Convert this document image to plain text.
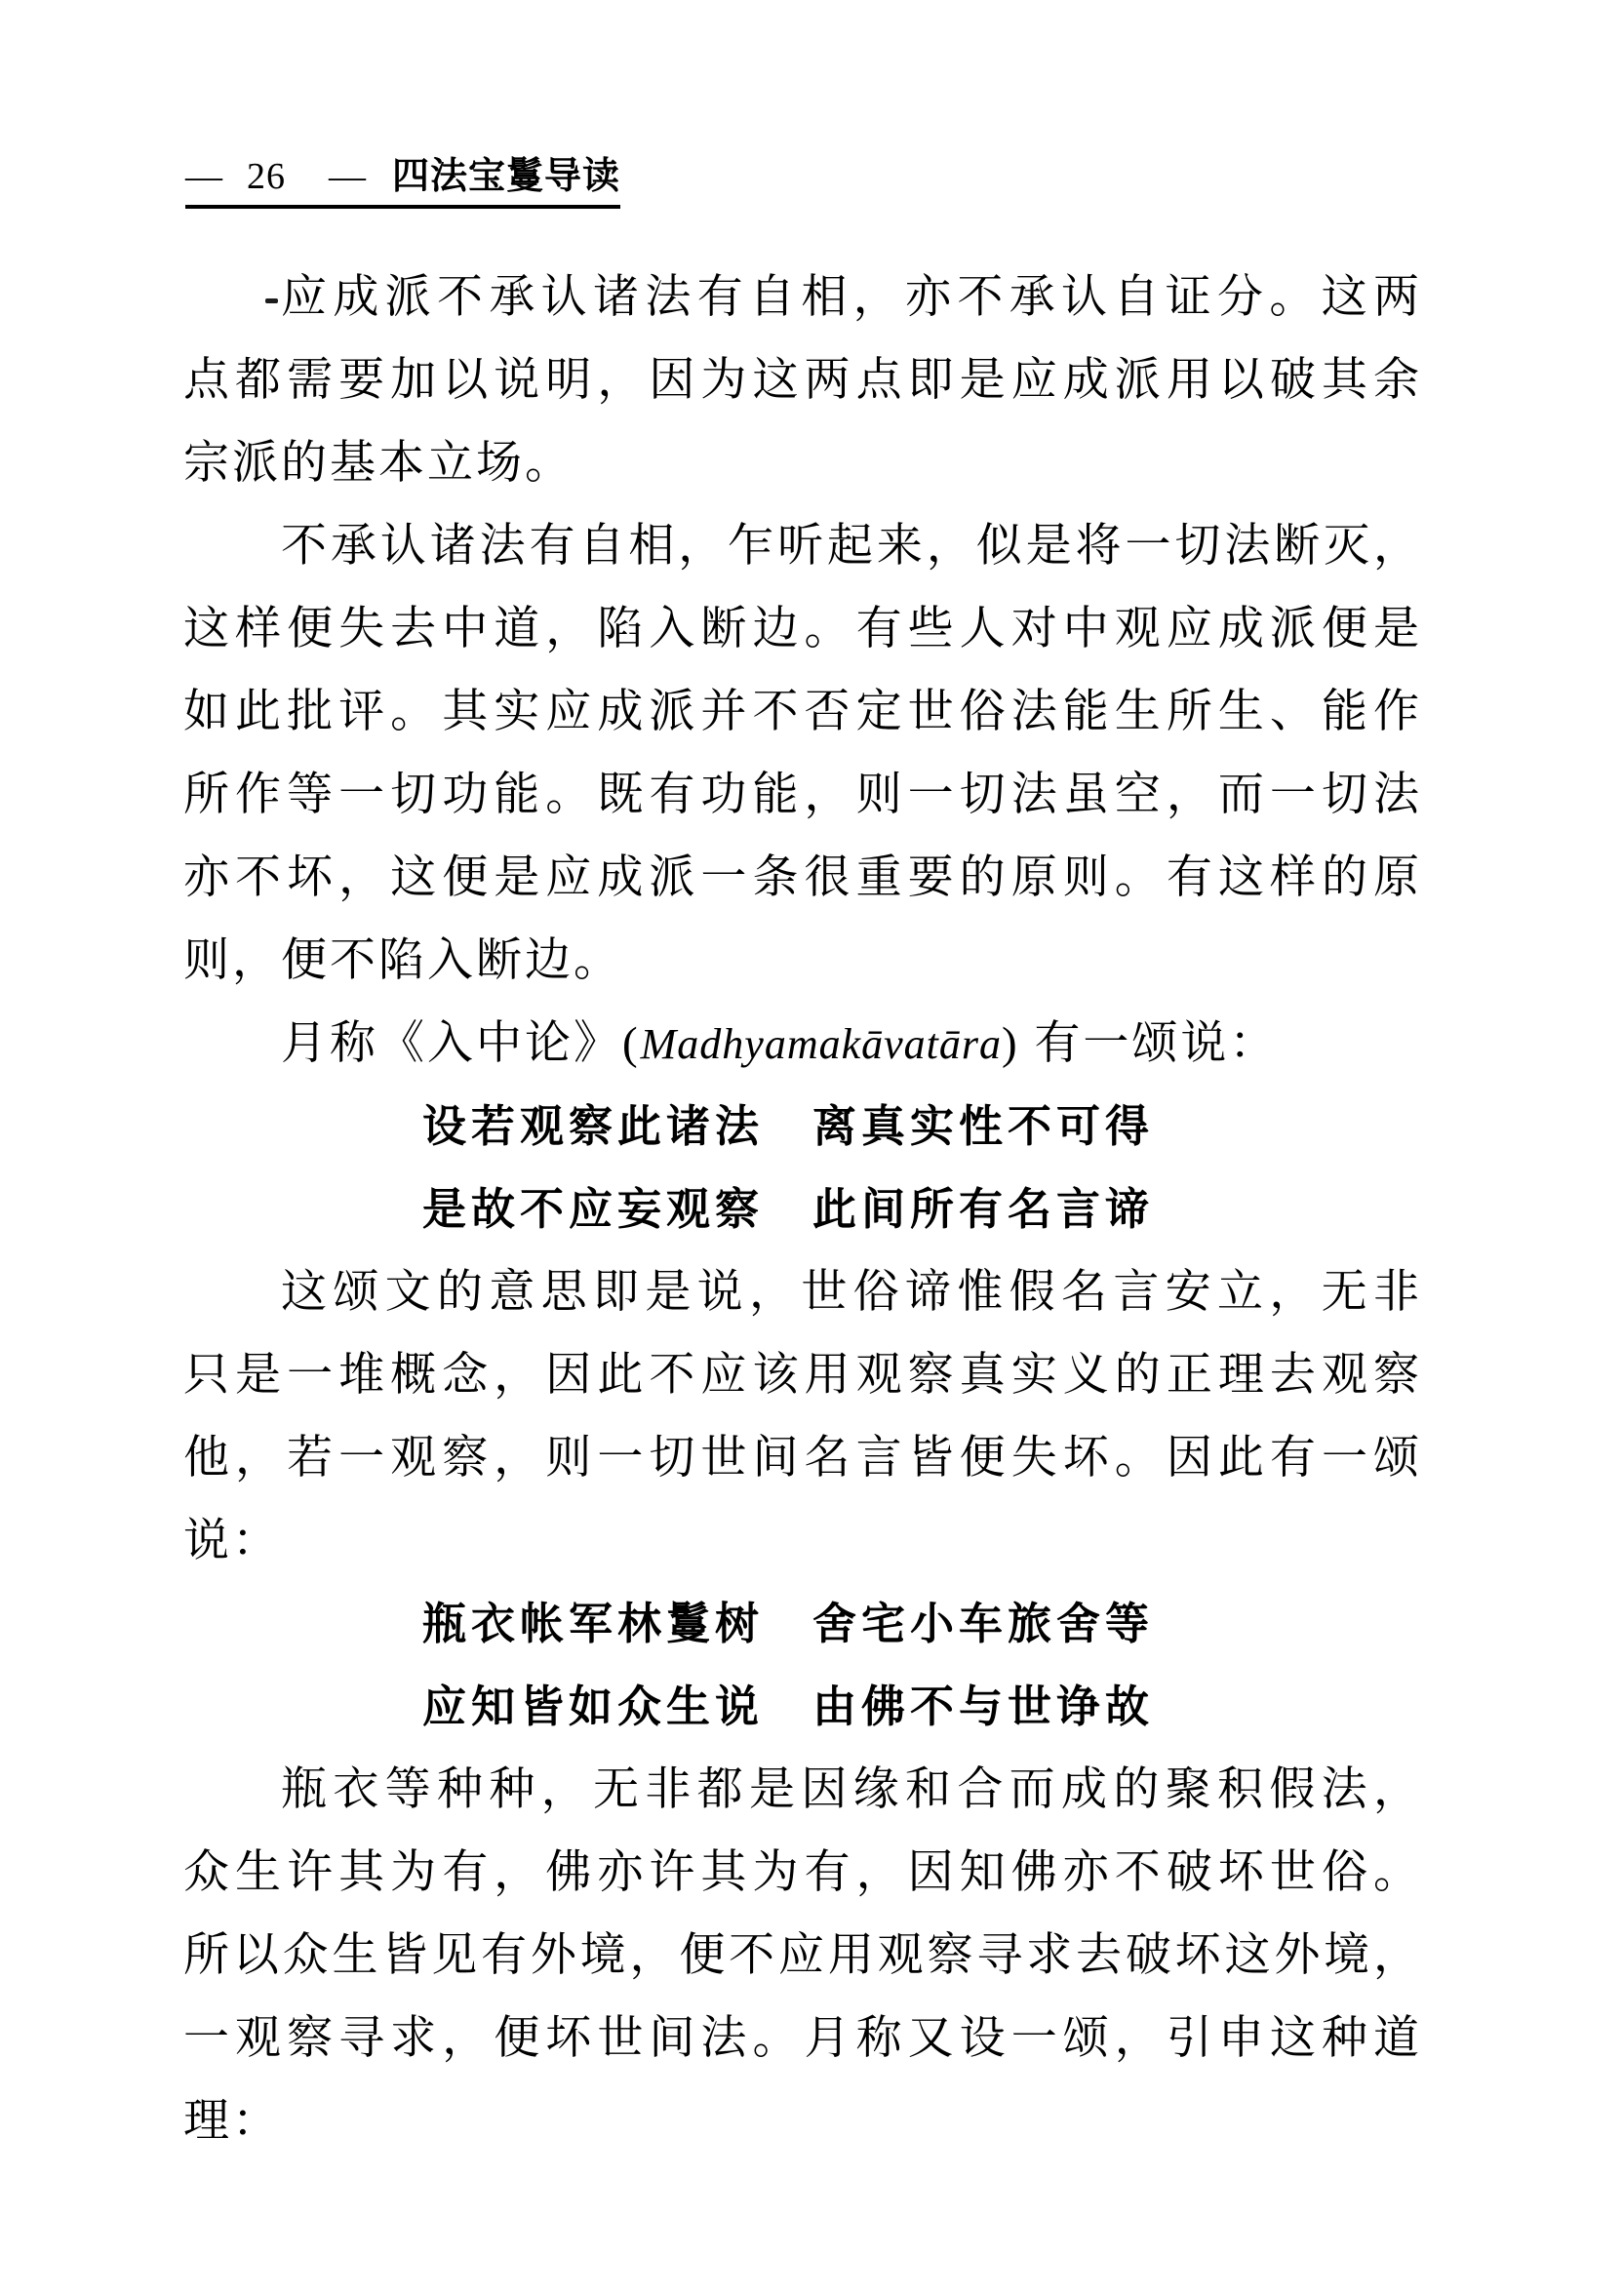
— 26 — 四法宝鬘导读
应成派不承认诸法有自相，亦不承认自证分。这两
点都需要加以说明，因为这两点即是应成派用以破其余
宗派的基本立场。
不承认诸法有自相，乍听起来，似是将一切法断灭，
这样便失去中道，陷入断边。有些人对中观应成派便是
如此批评。其实应成派并不否定世俗法能生所生、能作
所作等一切功能。既有功能，则一切法虽空，而一切法
亦不坏，这便是应成派一条很重要的原则。有这样的原
则，便不陷入断边。
月称《入中论》(Madhyamakāvatāra) 有一颂说：
设若观察此诸法　离真实性不可得
是故不应妄观察　此间所有名言谛
这颂文的意思即是说，世俗谛惟假名言安立，无非
只是一堆概念，因此不应该用观察真实义的正理去观察
他，若一观察，则一切世间名言皆便失坏。因此有一颂
说：
瓶衣帐军林鬘树　舍宅小车旅舍等
应知皆如众生说　由佛不与世诤故
瓶衣等种种，无非都是因缘和合而成的聚积假法，
众生许其为有，佛亦许其为有，因知佛亦不破坏世俗。
所以众生皆见有外境，便不应用观察寻求去破坏这外境，
一观察寻求，便坏世间法。月称又设一颂，引申这种道
理：
